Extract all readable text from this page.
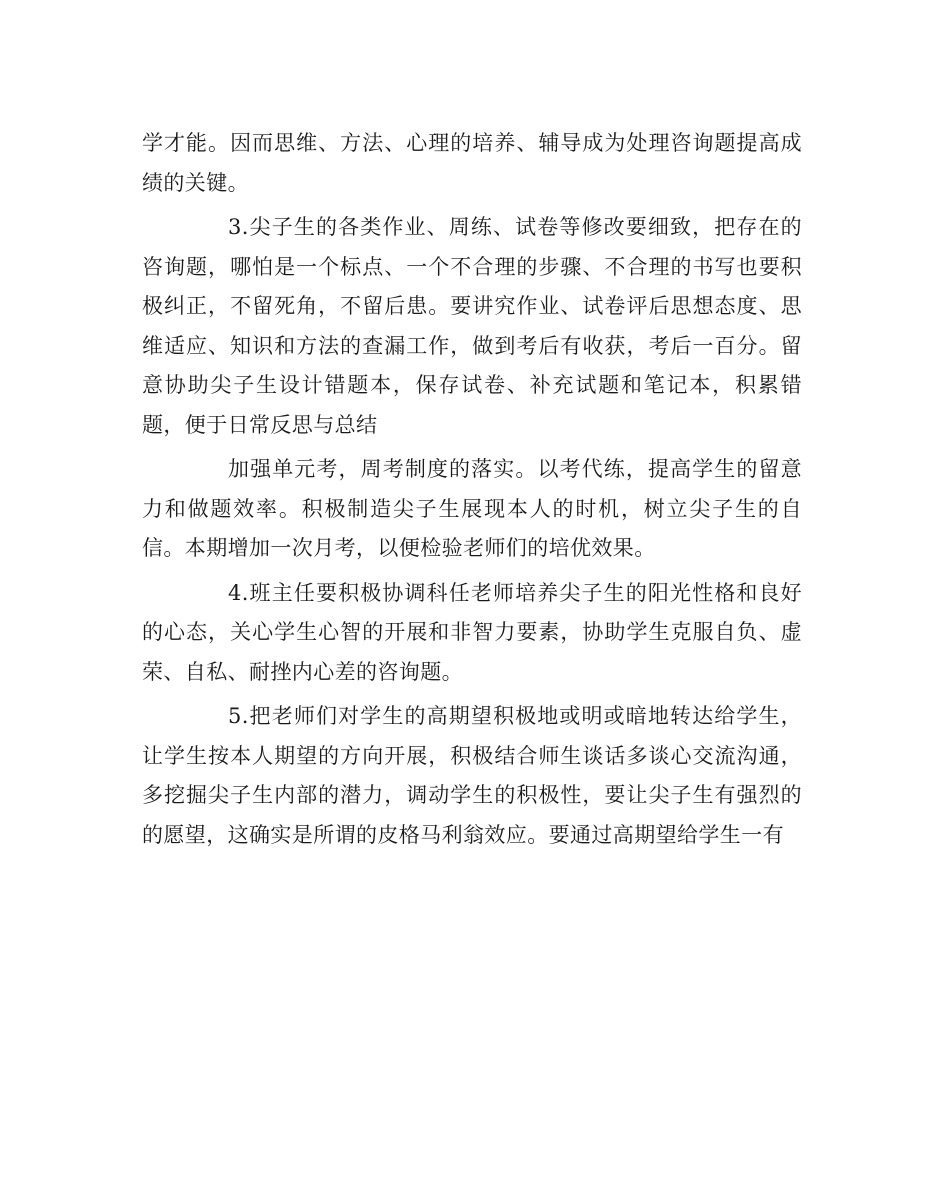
学才能。因而思维、方法、心理的培养、辅导成为处理咨询题提高成绩的关键。

3.尖子生的各类作业、周练、试卷等修改要细致，把存在的咨询题，哪怕是一个标点、一个不合理的步骤、不合理的书写也要积极纠正，不留死角，不留后患。要讲究作业、试卷评后思想态度、思维适应、知识和方法的查漏工作，做到考后有收获，考后一百分。留意协助尖子生设计错题本，保存试卷、补充试题和笔记本，积累错题，便于日常反思与总结

加强单元考，周考制度的落实。以考代练，提高学生的留意力和做题效率。积极制造尖子生展现本人的时机，树立尖子生的自信。本期增加一次月考，以便检验老师们的培优效果。

4.班主任要积极协调科任老师培养尖子生的阳光性格和良好的心态，关心学生心智的开展和非智力要素，协助学生克服自负、虚荣、自私、耐挫内心差的咨询题。

5.把老师们对学生的高期望积极地或明或暗地转达给学生，让学生按本人期望的方向开展，积极结合师生谈话多谈心交流沟通，多挖掘尖子生内部的潜力，调动学生的积极性，要让尖子生有强烈的的愿望，这确实是所谓的皮格马利翁效应。要通过高期望给学生一有
